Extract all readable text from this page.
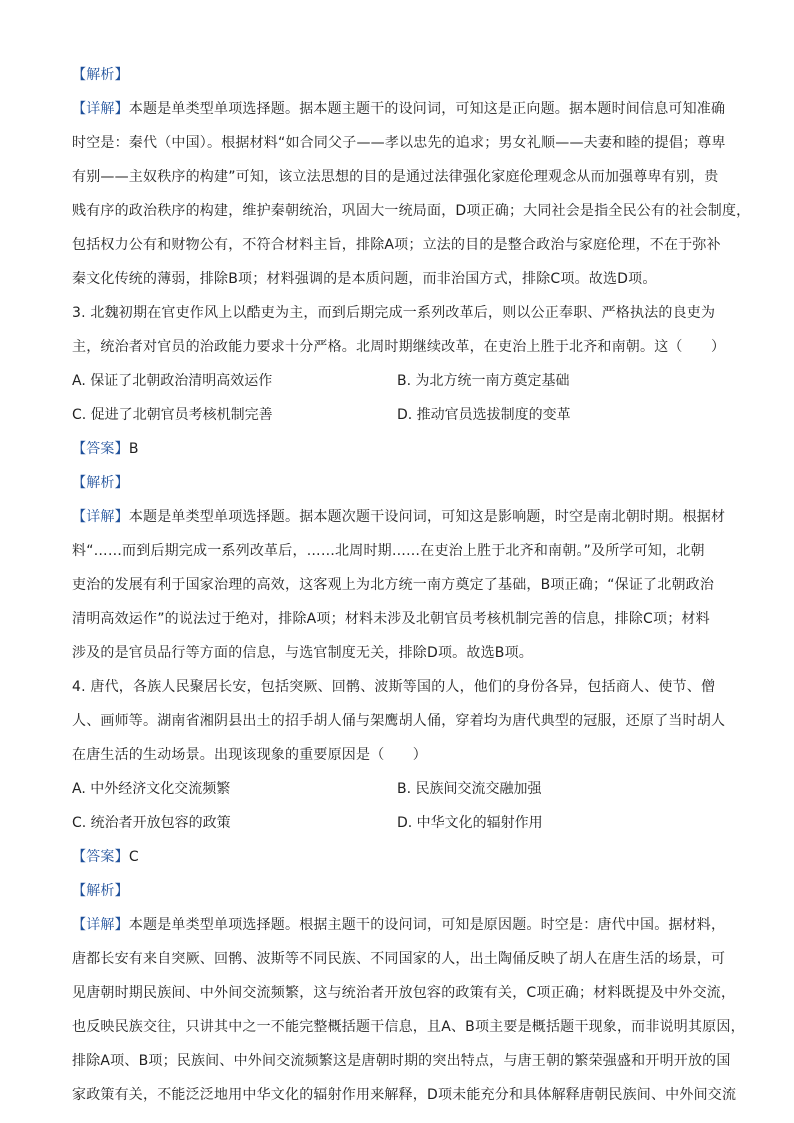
【解析】
【详解】本题是单类型单项选择题。据本题主题干的设问词，可知这是正向题。据本题时间信息可知准确
时空是：秦代（中国）。根据材料“如合同父子——孝以忠先的追求；男女礼顺——夫妻和睦的提倡；尊卑
有别——主奴秩序的构建”可知，该立法思想的目的是通过法律强化家庭伦理观念从而加强尊卑有别，贵
贱有序的政治秩序的构建，维护秦朝统治，巩固大一统局面，D项正确；大同社会是指全民公有的社会制度，
包括权力公有和财物公有，不符合材料主旨，排除A项；立法的目的是整合政治与家庭伦理，不在于弥补
秦文化传统的薄弱，排除B项；材料强调的是本质问题，而非治国方式，排除C项。故选D项。
3. 北魏初期在官吏作风上以酷吏为主，而到后期完成一系列改革后，则以公正奉职、严格执法的良吏为
主，统治者对官员的治政能力要求十分严格。北周时期继续改革，在吏治上胜于北齐和南朝。这（　　）
A. 保证了北朝政治清明高效运作	B. 为北方统一南方奠定基础
C. 促进了北朝官员考核机制完善	D. 推动官员选拔制度的变革
【答案】B
【解析】
【详解】本题是单类型单项选择题。据本题次题干设问词，可知这是影响题，时空是南北朝时期。根据材
料“……而到后期完成一系列改革后，……北周时期……在吏治上胜于北齐和南朝。”及所学可知，北朝
吏治的发展有利于国家治理的高效，这客观上为北方统一南方奠定了基础，B项正确；“保证了北朝政治
清明高效运作”的说法过于绝对，排除A项；材料未涉及北朝官员考核机制完善的信息，排除C项；材料
涉及的是官员品行等方面的信息，与选官制度无关，排除D项。故选B项。
4. 唐代，各族人民聚居长安，包括突厥、回鹘、波斯等国的人，他们的身份各异，包括商人、使节、僧
人、画师等。湖南省湘阴县出土的招手胡人俑与架鹰胡人俑，穿着均为唐代典型的冠服，还原了当时胡人
在唐生活的生动场景。出现该现象的重要原因是（　　）
A. 中外经济文化交流频繁	B. 民族间交流交融加强
C. 统治者开放包容的政策	D. 中华文化的辐射作用
【答案】C
【解析】
【详解】本题是单类型单项选择题。根据主题干的设问词，可知是原因题。时空是：唐代中国。据材料，
唐都长安有来自突厥、回鹘、波斯等不同民族、不同国家的人，出土陶俑反映了胡人在唐生活的场景，可
见唐朝时期民族间、中外间交流频繁，这与统治者开放包容的政策有关，C项正确；材料既提及中外交流，
也反映民族交往，只讲其中之一不能完整概括题干信息，且A、B项主要是概括题干现象，而非说明其原因，
排除A项、B项；民族间、中外间交流频繁这是唐朝时期的突出特点，与唐王朝的繁荣强盛和开明开放的国
家政策有关，不能泛泛地用中华文化的辐射作用来解释，D项未能充分和具体解释唐朝民族间、中外间交流
